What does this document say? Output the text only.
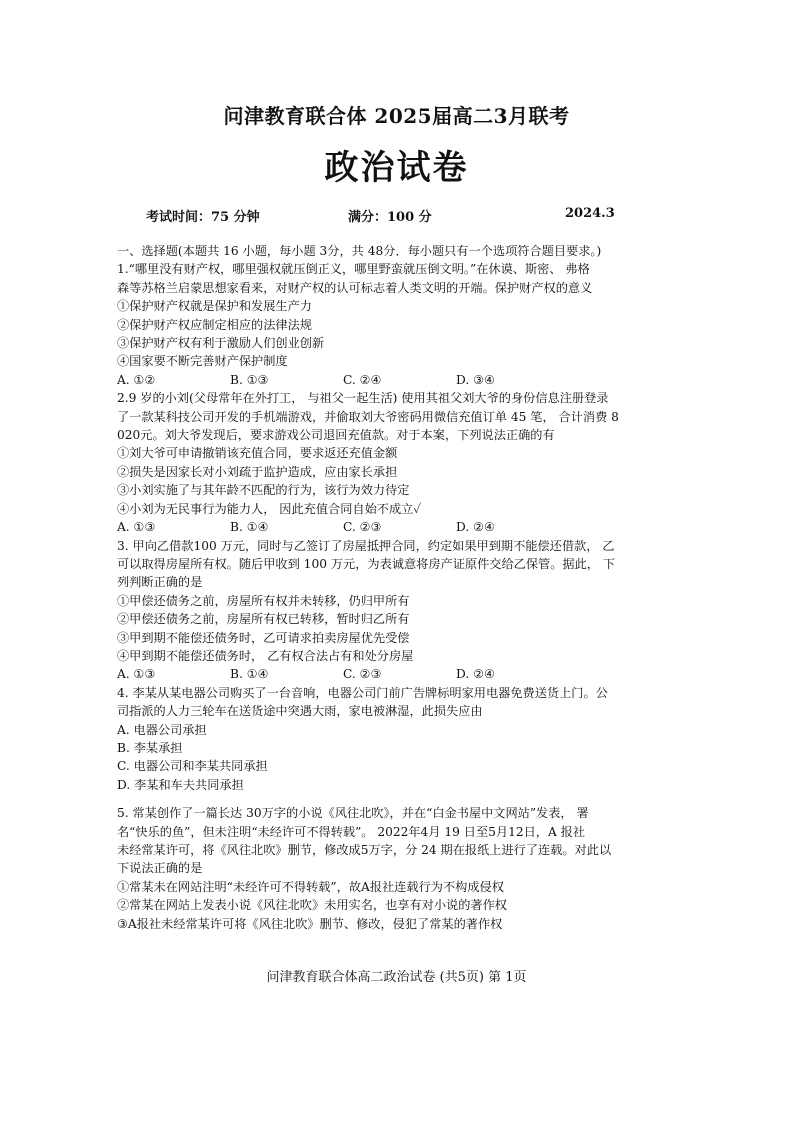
问津教育联合体 2025届高二3月联考
政治试卷
考试时间：75 分钟	满分：100 分	2024.3
一、选择题(本题共 16 小题，每小题 3分，共 48分．每小题只有一个选项符合题目要求。)
1.“哪里没有财产权，哪里强权就压倒正义，哪里野蛮就压倒文明。”在休谟、斯密、 弗格
森等苏格兰启蒙思想家看来，对财产权的认可标志着人类文明的开端。保护财产权的意义
①保护财产权就是保护和发展生产力
②保护财产权应制定相应的法律法规
③保护财产权有利于激励人们创业创新
④国家要不断完善财产保护制度
A. ①②	B. ①③	C. ②④	D. ③④
2.9 岁的小刘(父母常年在外打工， 与祖父一起生活) 使用其祖父刘大爷的身份信息注册登录
了一款某科技公司开发的手机端游戏，并偷取刘大爷密码用微信充值订单 45 笔， 合计消费 8
020元。刘大爷发现后，要求游戏公司退回充值款。对于本案，下列说法正确的有
①刘大爷可申请撤销该充值合同，要求返还充值金额
②损失是因家长对小刘疏于监护造成，应由家长承担
③小刘实施了与其年龄不匹配的行为，该行为效力待定
④小刘为无民事行为能力人， 因此充值合同自始不成立✓
A. ①③	B. ①④	C. ②③	D. ②④
3. 甲向乙借款100 万元，同时与乙签订了房屋抵押合同，约定如果甲到期不能偿还借款， 乙
可以取得房屋所有权。随后甲收到 100 万元，为表诚意将房产证原件交给乙保管。据此， 下
列判断正确的是
①甲偿还债务之前，房屋所有权并未转移，仍归甲所有
②甲偿还债务之前，房屋所有权已转移，暂时归乙所有
③甲到期不能偿还债务时，乙可请求拍卖房屋优先受偿
④甲到期不能偿还债务时， 乙有权合法占有和处分房屋
A. ①③	B. ①④	C. ②③	D. ②④
4. 李某从某电器公司购买了一台音响，电器公司门前广告牌标明家用电器免费送货上门。公
司指派的人力三轮车在送货途中突遇大雨，家电被淋湿，此损失应由
A. 电器公司承担
B. 李某承担
C. 电器公司和李某共同承担
D. 李某和车夫共同承担
5. 常某创作了一篇长达 30万字的小说《风往北吹》，并在“白金书屋中文网站”发表， 署
名“快乐的鱼”，但未注明“未经许可不得转载”。 2022年4月 19 日至5月12日，A 报社
未经常某许可，将《风往北吹》删节，修改成5万字，分 24 期在报纸上进行了连载。对此以
下说法正确的是
①常某未在网站注明“未经许可不得转载”，故A报社连载行为不构成侵权
②常某在网站上发表小说《风往北吹》未用实名，也享有对小说的著作权
③A报社未经常某许可将《风往北吹》删节、修改，侵犯了常某的著作权
问津教育联合体高二政治试卷 (共5页) 第 1页
